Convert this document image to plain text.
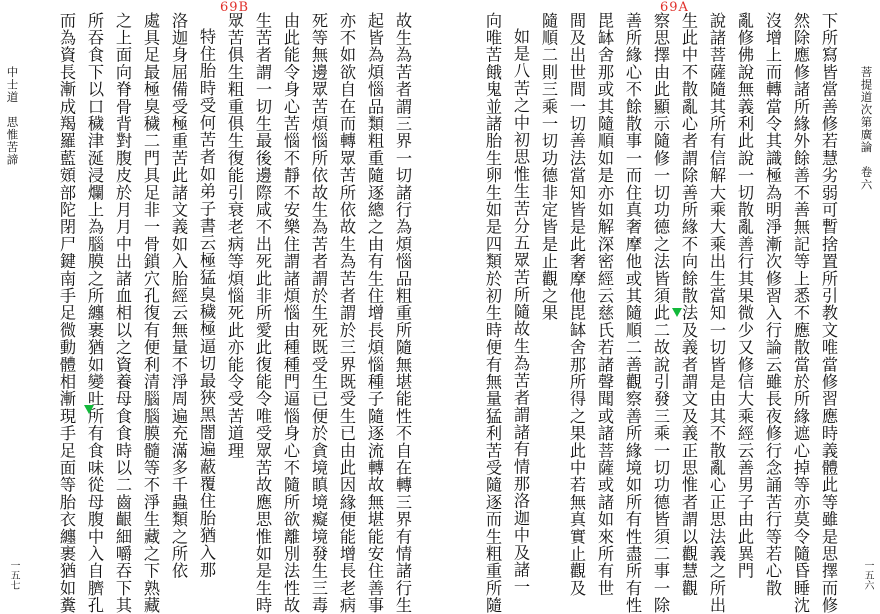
69B
中士道　思惟苦諦
一五七	故生為苦者謂三界一切諸行為煩惱品粗重所隨無堪能性不自在轉三界有情諸行生
起皆為煩惱品類粗重隨逐總之由有生住增長煩惱種子隨逐流轉故無堪能安住善事
亦不如欲自在而轉眾苦所依故生為苦者謂於三界既受生已由此因緣便能增長老病
死等無邊眾苦煩惱所依故生為苦者謂於生死既受生已便於貪境瞋境癡境發生三毒
由此能令身心苦惱不靜不安樂住謂諸煩惱由種種門逼惱身心不隨所欲離別法性故
生苦者謂一切生最後邊際咸不出死此非所愛此復能令唯受眾苦故應思惟如是生時
眾苦俱生粗重俱生復能引衰老病等煩惱死此亦能令受苦道理
特住胎時受何苦者如弟子書云極猛臭穢極逼切最狹黑闇遍蔽覆住胎猶入那
洛迦身屈備受極重苦此諸文義如入胎經云無量不淨周遍充滿多千蟲類之所依
處具足最極臭穢二門具足非一骨鎖穴孔復有便利清腦腦膜髓等不淨生藏之下熟藏
之上面向脊骨背對腹皮於月月中出諸血相以之資養母食食時以二齒齦細嚼吞下其
所吞食下以口穢津涎浸爛上為腦膜之所纏裹猶如變吐所有食味從母腹中入自臍孔
而為資長漸成羯羅藍頞部陀閉尸鍵南手足微動體相漸現手足面等胎衣纏裹猶如糞
69A
菩提道次第廣論　卷六
一五六
下所寫皆當善修若慧劣弱可暫捨置所引教文唯當修習應時義體此等雖是思擇而修
然除應修諸所緣外餘善不善無記等上悉不應散當於所緣遮心掉等亦莫令隨昏睡沈
沒增上而轉當令其識極為明淨漸次修習入行論云雖長夜修行念誦苦行等若心散
亂修佛說無義利此說一切散亂善行其果微少又修信大乘經云善男子由此異門
說諸菩薩隨其所有信解大乘大乘出生當知一切皆是由其不散亂心正思法義之所出
生此中不散亂心者謂除善所緣不向餘散法及義者謂文及義正思惟者謂以觀慧觀
察思擇由此顯示隨修一切功德之法皆須此二故說引發三乘一切功德皆須二事一除
善所緣心不餘散事一而住真奢摩他或其隨順二善觀察善所緣境如所有性盡所有性
毘缽舍那或其隨順如是亦如解深密經云慈氏若諸聲聞或諸菩薩或諸如來所有世
間及出世間一切善法當知皆是此奢摩他毘缽舍那所得之果此中若無真實止觀及
隨順二則三乘一切功德非定皆是止觀之果
如是八苦之中初思惟生苦分五眾苦所隨故生為苦者謂諸有情那洛迦中及諸一
向唯苦餓鬼並諸胎生卵生如是四類於初生時便有無量猛利苦受隨逐而生粗重所隨
